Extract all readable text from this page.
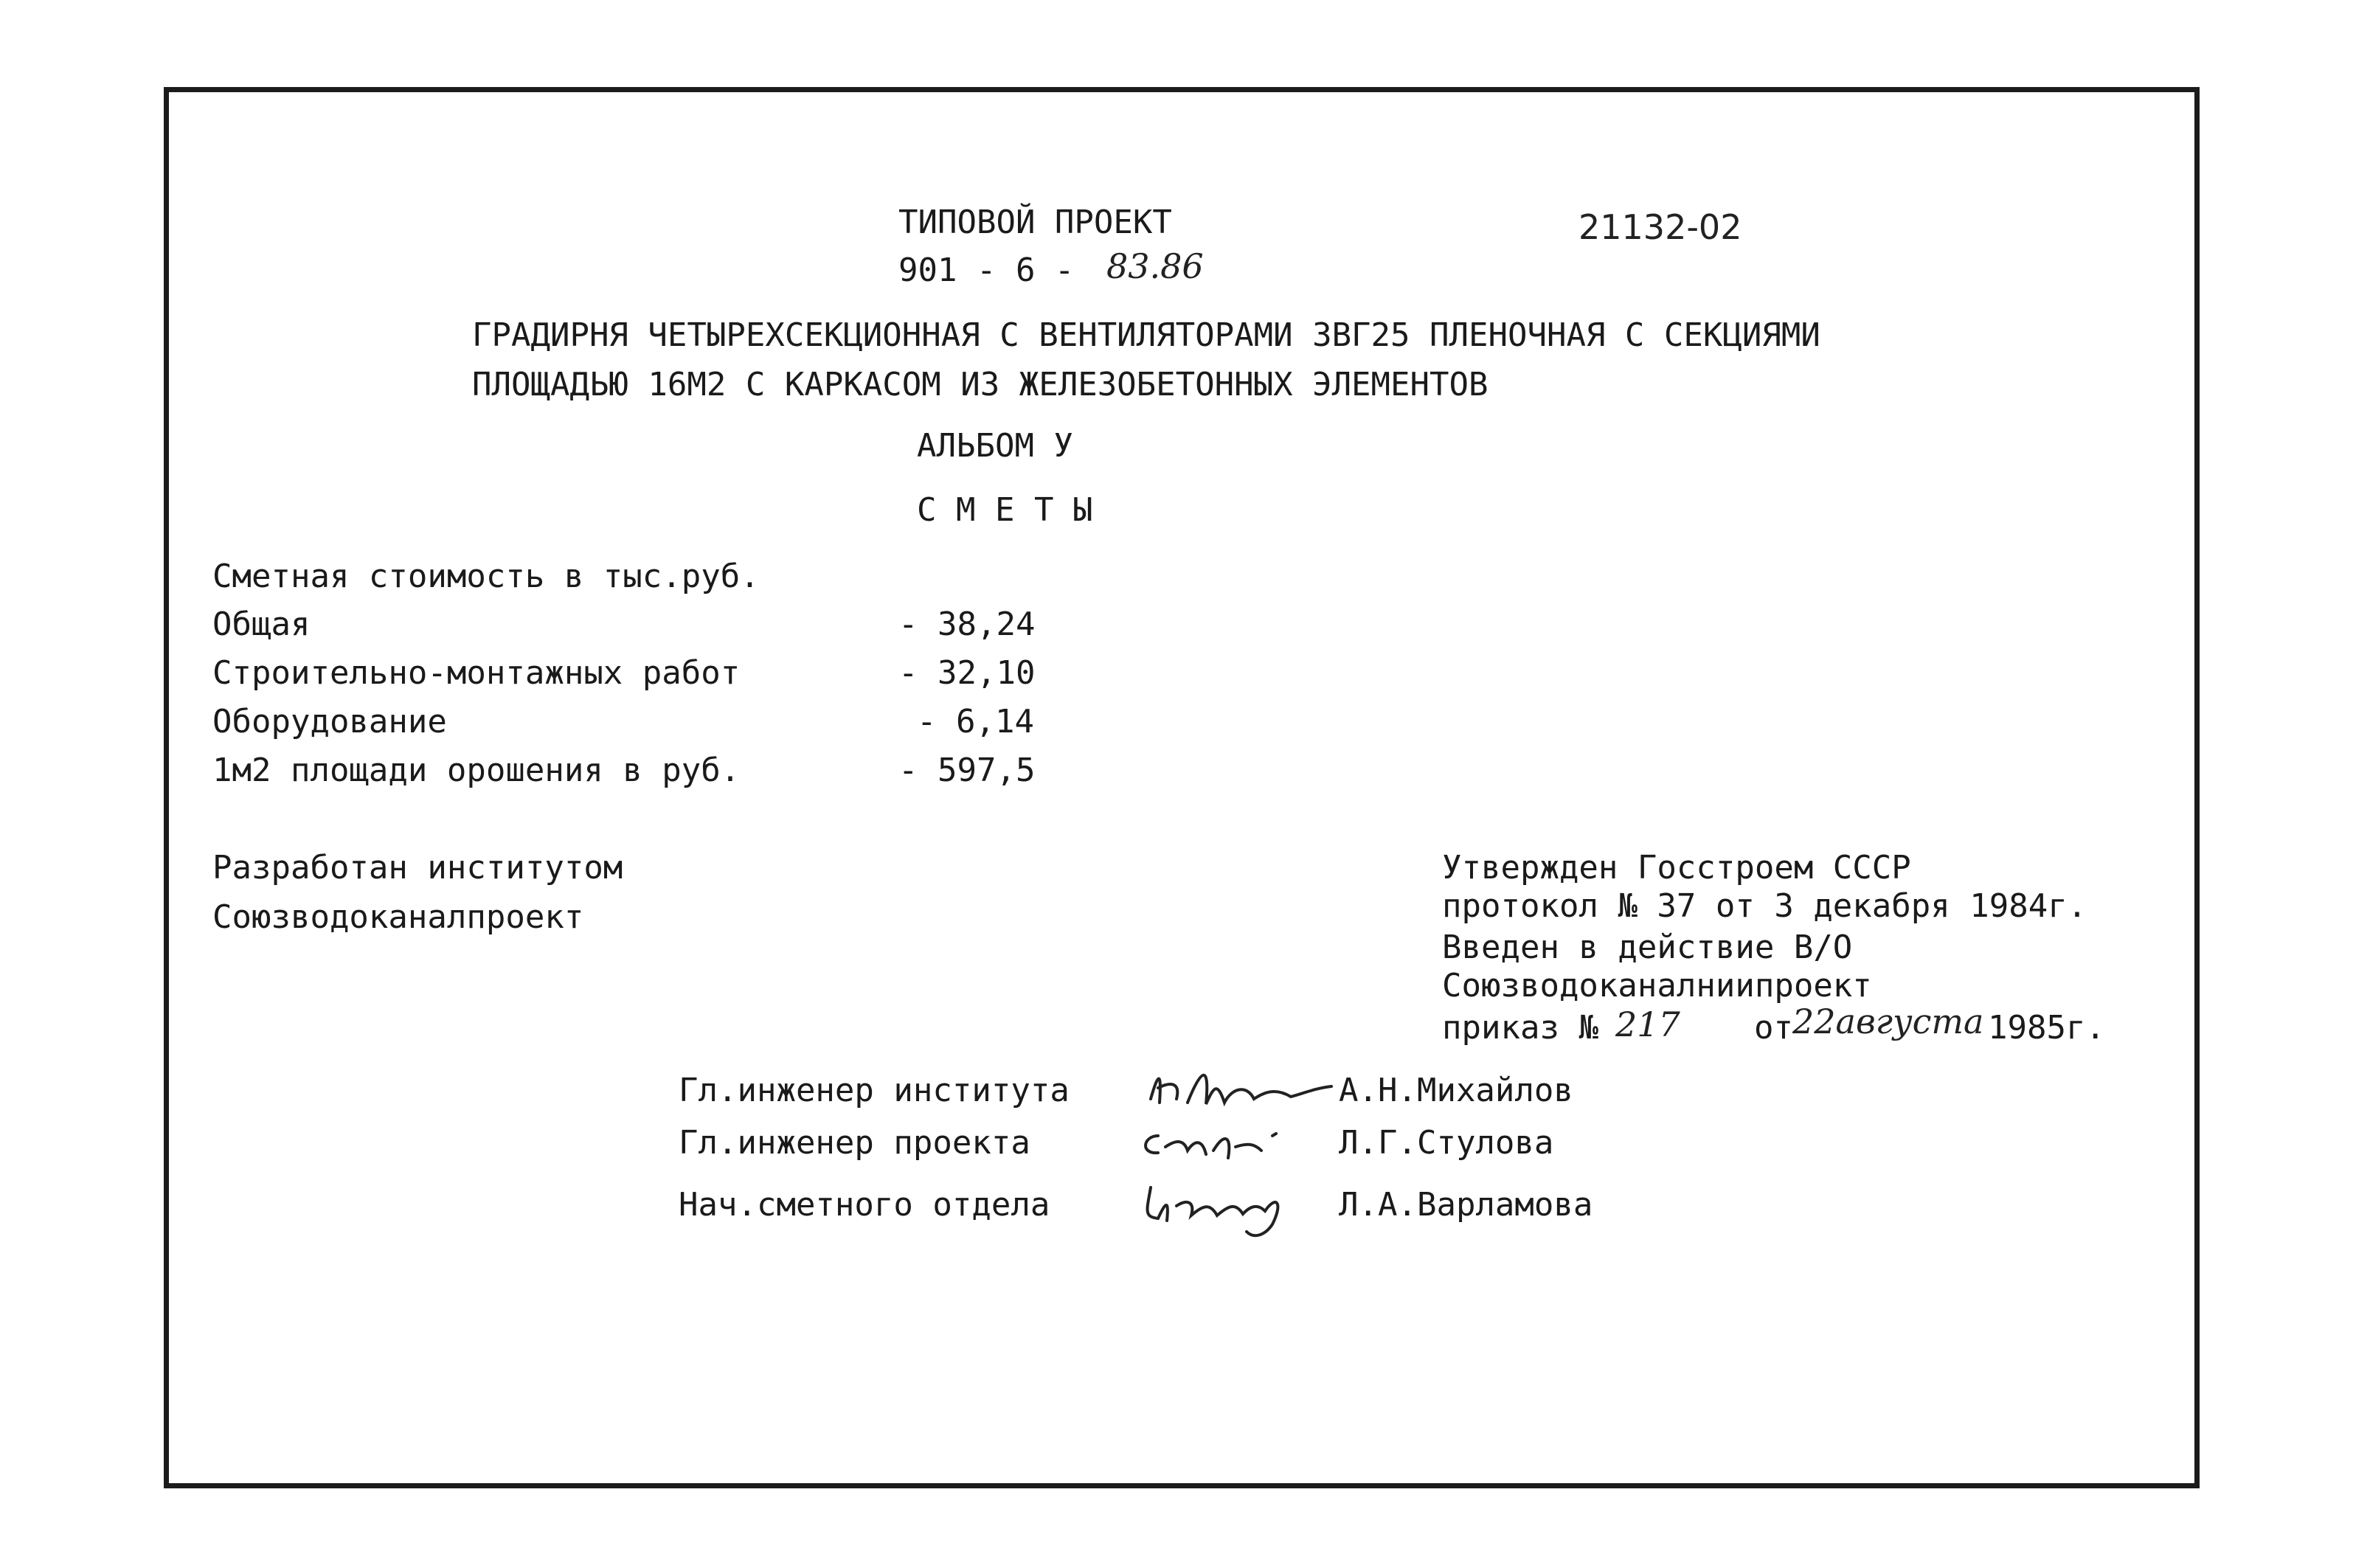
ТИПОВОЙ ПРОЕКТ
901 - 6 - 83.86
21132-02
ГРАДИРНЯ ЧЕТЫРЕХСЕКЦИОННАЯ С ВЕНТИЛЯТОРАМИ 3ВГ25 ПЛЕНОЧНАЯ С СЕКЦИЯМИ
ПЛОЩАДЬЮ 16М2 С КАРКАСОМ ИЗ ЖЕЛЕЗОБЕТОННЫХ ЭЛЕМЕНТОВ
АЛЬБОМ У
С М Е Т Ы
Сметная стоимость в тыс.руб.
Общая	- 38,24
Строительно-монтажных работ	- 32,10
Оборудование	- 6,14
1м2 площади орошения в руб.	- 597,5
Разработан институтом
Союзводоканалпроект
Утвержден Госстроем СССР
протокол № 37 от 3 декабря 1984г.
Введен в действие В/О
Союзводоканалниипроект
приказ № 217 от 22августа 1985г.
Гл.инженер института	А.Н.Михайлов
Гл.инженер проекта	Л.Г.Стулова
Нач.сметного отдела	Л.А.Варламова
